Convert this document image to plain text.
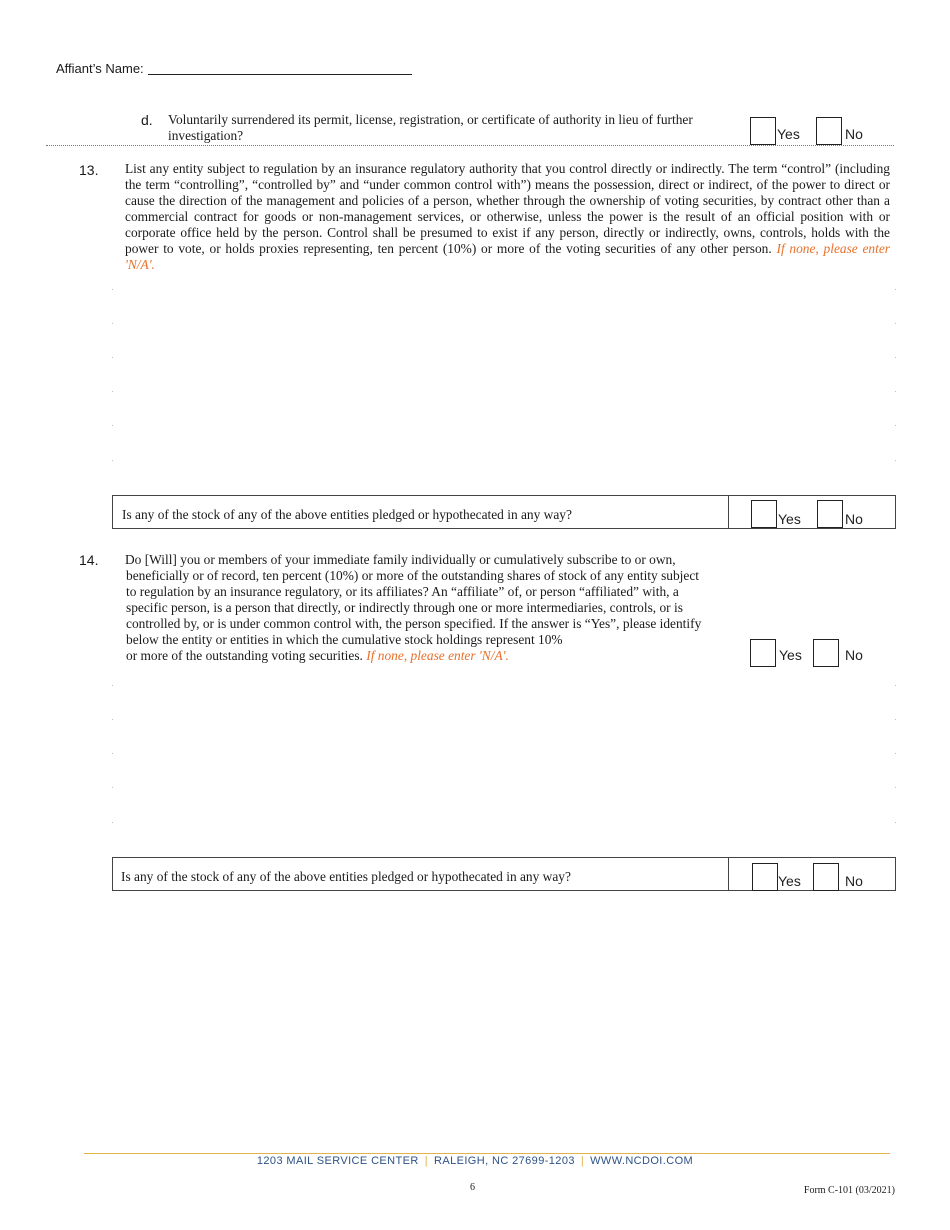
Affiant’s Name:
d. Voluntarily surrendered its permit, license, registration, or certificate of authority in lieu of further investigation?	Yes	No
13. List any entity subject to regulation by an insurance regulatory authority that you control directly or indirectly. The term “control” (including the term “controlling”, “controlled by” and “under common control with”) means the possession, direct or indirect, of the power to direct or cause the direction of the management and policies of a person, whether through the ownership of voting securities, by contract other than a commercial contract for goods or non-management services, or otherwise, unless the power is the result of an official position with or corporate office held by the person. Control shall be presumed to exist if any person, directly or indirectly, owns, controls, holds with the power to vote, or holds proxies representing, ten percent (10%) or more of the voting securities of any other person. If none, please enter 'N/A'.
Is any of the stock of any of the above entities pledged or hypothecated in any way?	Yes	No
14. Do [Will] you or members of your immediate family individually or cumulatively subscribe to or own,
beneficially or of record, ten percent (10%) or more of the outstanding shares of stock of any entity subject
to regulation by an insurance regulatory, or its affiliates? An “affiliate” of, or person “affiliated” with, a
specific person, is a person that directly, or indirectly through one or more intermediaries, controls, or is
controlled by, or is under common control with, the person specified. If the answer is “Yes”, please identify
below the entity or entities in which the cumulative stock holdings represent 10%
or more of the outstanding voting securities. If none, please enter 'N/A'.	Yes	No
Is any of the stock of any of the above entities pledged or hypothecated in any way?	Yes	No
1203 MAIL SERVICE CENTER | RALEIGH, NC 27699-1203 | WWW.NCDOI.COM
6	Form C-101 (03/2021)
